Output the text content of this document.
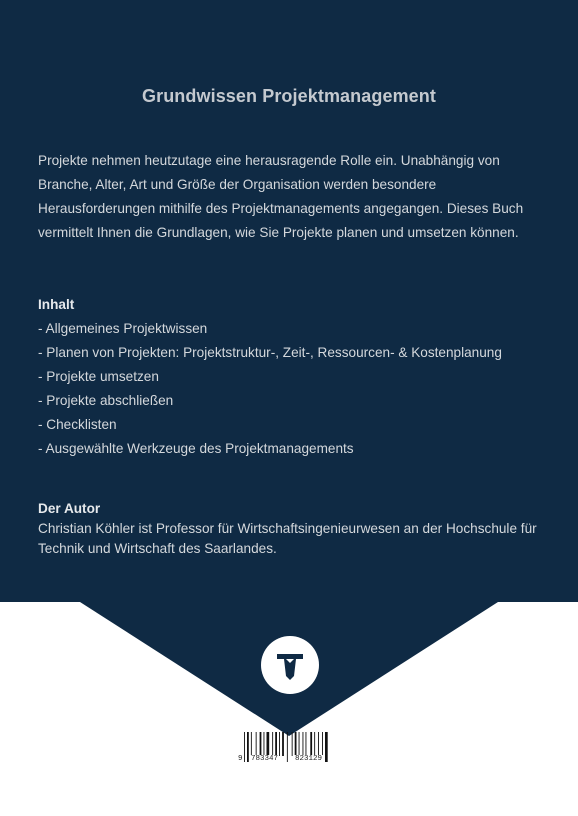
Grundwissen Projektmanagement
Projekte nehmen heutzutage eine herausragende Rolle ein. Unabhängig von Branche, Alter, Art und Größe der Organisation werden besondere Herausforderungen mithilfe des Projektmanagements angegangen. Dieses Buch vermittelt Ihnen die Grundlagen, wie Sie Projekte planen und umsetzen können.
Inhalt
- Allgemeines Projektwissen
- Planen von Projekten: Projektstruktur-, Zeit-, Ressourcen- & Kostenplanung
- Projekte umsetzen
- Projekte abschließen
- Checklisten
- Ausgewählte Werkzeuge des Projektmanagements
Der Autor
Christian Köhler ist Professor für Wirtschaftsingenieurwesen an der Hochschule für Technik und Wirtschaft des Saarlandes.
9 783347 823129
